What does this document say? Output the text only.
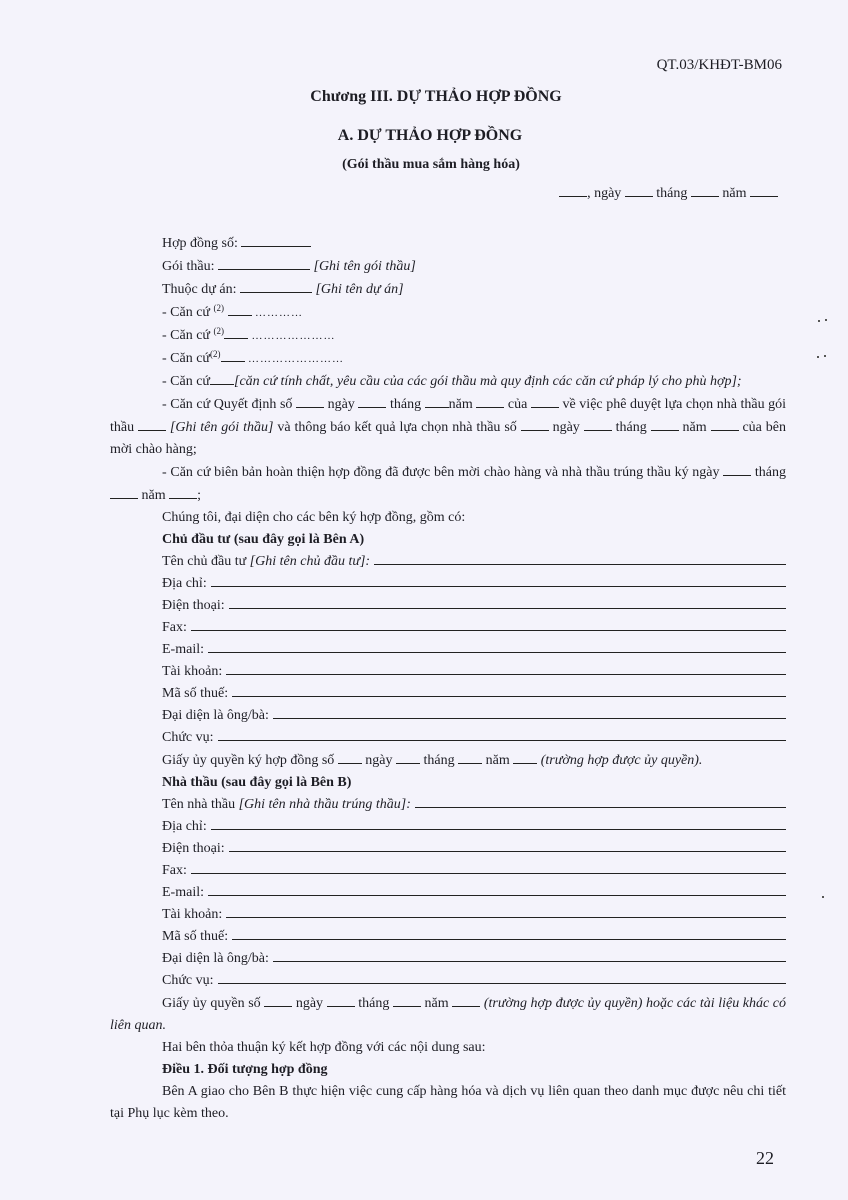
QT.03/KHĐT-BM06
Chương III. DỰ THẢO HỢP ĐỒNG
A. DỰ THẢO HỢP ĐỒNG
(Gói thầu mua sắm hàng hóa)
, ngày	tháng	năm

Hợp đồng số:

Gói thầu:	[Ghi tên gói thầu]

Thuộc dự án:	[Ghi tên dự án]

- Căn cứ $^{(2)}$	…………

- Căn cứ $^{(2)}$	…………………

- Căn cứ$^{(2)}$	……………………

- Căn cứ [căn cứ tính chất, yêu cầu của các gói thầu mà quy định các căn cứ pháp lý cho phù hợp];

- Căn cứ Quyết định số	ngày	tháng năm	của	về việc phê duyệt lựa chọn nhà thầu gói thầu	[Ghi tên gói thầu] và thông báo kết quả lựa chọn nhà thầu số	ngày	tháng	năm	của bên mời chào hàng;

- Căn cứ biên bản hoàn thiện hợp đồng đã được bên mời chào hàng và nhà thầu trúng thầu ký ngày	tháng  năm ;

Chúng tôi, đại diện cho các bên ký hợp đồng, gồm có:

Chủ đầu tư (sau đây gọi là Bên A)

Tên chủ đầu tư [Ghi tên chủ đầu tư]:
Địa chỉ:
Điện thoại:
Fax:
E-mail:
Tài khoản:
Mã số thuế:
Đại diện là ông/bà:
Chức vụ:

Giấy ủy quyền ký hợp đồng số ngày tháng năm (trường hợp được ủy quyền).

Nhà thầu (sau đây gọi là Bên B)

Tên nhà thầu [Ghi tên nhà thầu trúng thầu]:
Địa chỉ:
Điện thoại:
Fax:
E-mail:
Tài khoản:
Mã số thuế:
Đại diện là ông/bà:
Chức vụ:

Giấy ủy quyền số	ngày	tháng	năm	(trường hợp được ủy quyền) hoặc các tài liệu khác có liên quan.

Hai bên thỏa thuận ký kết hợp đồng với các nội dung sau:

Điều 1. Đối tượng hợp đồng

Bên A giao cho Bên B thực hiện việc cung cấp hàng hóa và dịch vụ liên quan theo danh mục được nêu chi tiết tại Phụ lục kèm theo.

22
